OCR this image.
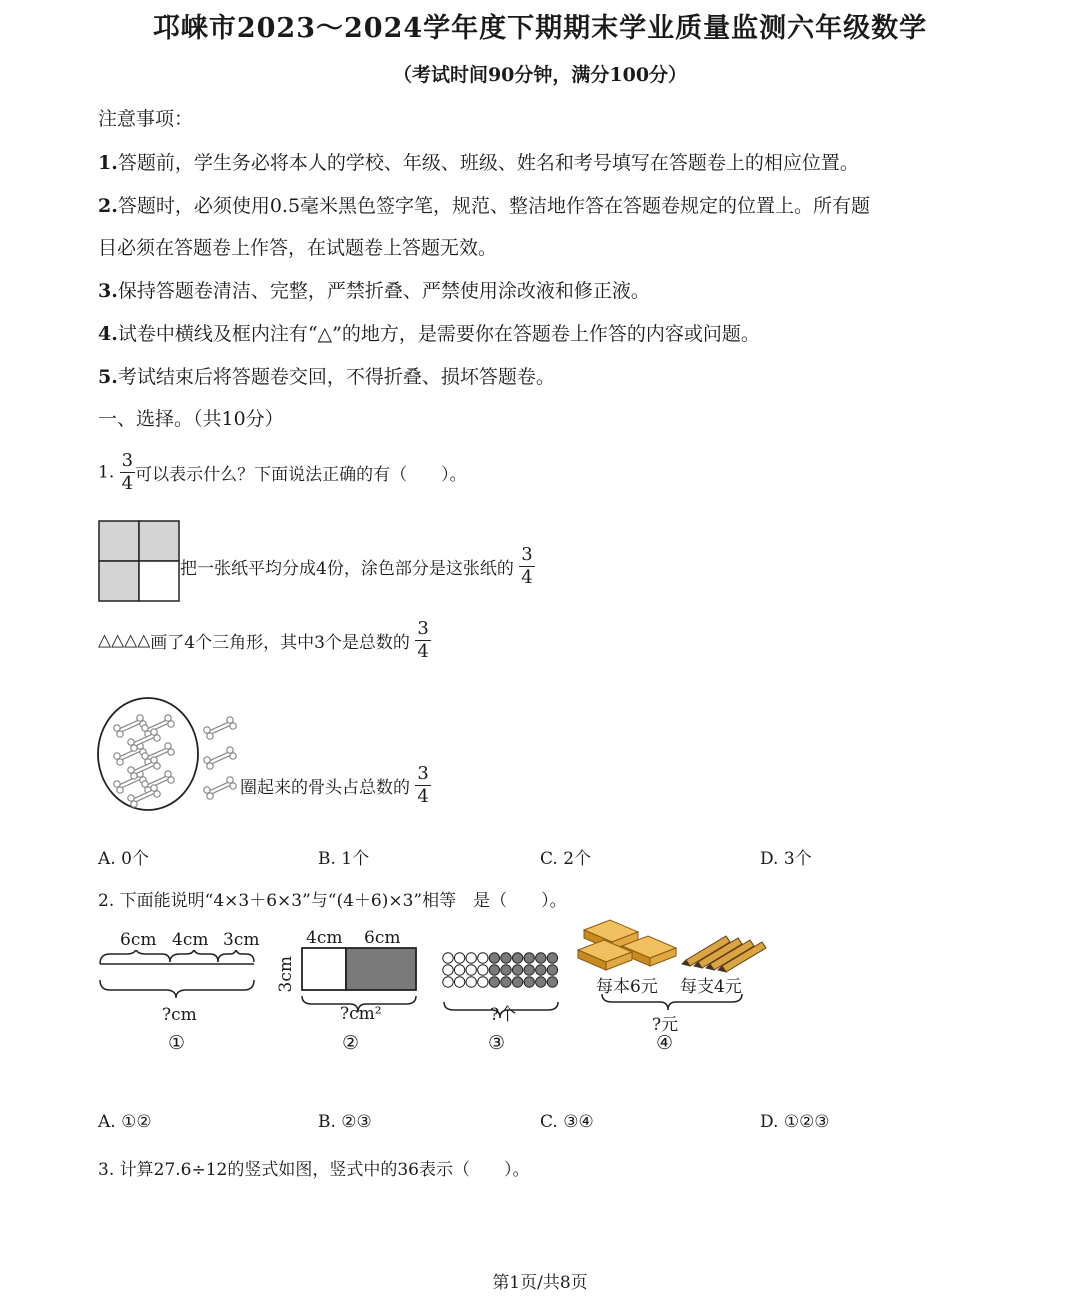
邛崃市2023～2024学年度下期期末学业质量监测六年级数学
（考试时间90分钟，满分100分）
注意事项：
1.答题前，学生务必将本人的学校、年级、班级、姓名和考号填写在答题卷上的相应位置。
2.答题时，必须使用0.5毫米黑色签字笔，规范、整洁地作答在答题卷规定的位置上。所有题
目必须在答题卷上作答，在试题卷上答题无效。
3.保持答题卷清洁、完整，严禁折叠、严禁使用涂改液和修正液。
4.试卷中横线及框内注有“△”的地方，是需要你在答题卷上作答的内容或问题。
5.考试结束后将答题卷交回，不得折叠、损坏答题卷。
一、选择。（共10分）
1. $\frac{3}{4}$ 可以表示什么？下面说法正确的有（　　）。
把一张纸平均分成4份，涂色部分是这张纸的 $\frac{3}{4}$
△△△△画了4个三角形，其中3个是总数的 $\frac{3}{4}$
圈起来的骨头占总数的 $\frac{3}{4}$
A. 0个	B. 1个	C. 2个	D. 3个
2. 下面能说明“4×3＋6×3”与“(4＋6)×3”相等　是（　　）。
6cm 4cm 3cm
?cm
①
4cm 6cm
3cm
?cm²
②
?个
③
每本6元 每支4元
?元
④
A. ①②	B. ②③	C. ③④	D. ①②③
3. 计算27.6÷12的竖式如图，竖式中的36表示（　　）。
第1页/共8页
